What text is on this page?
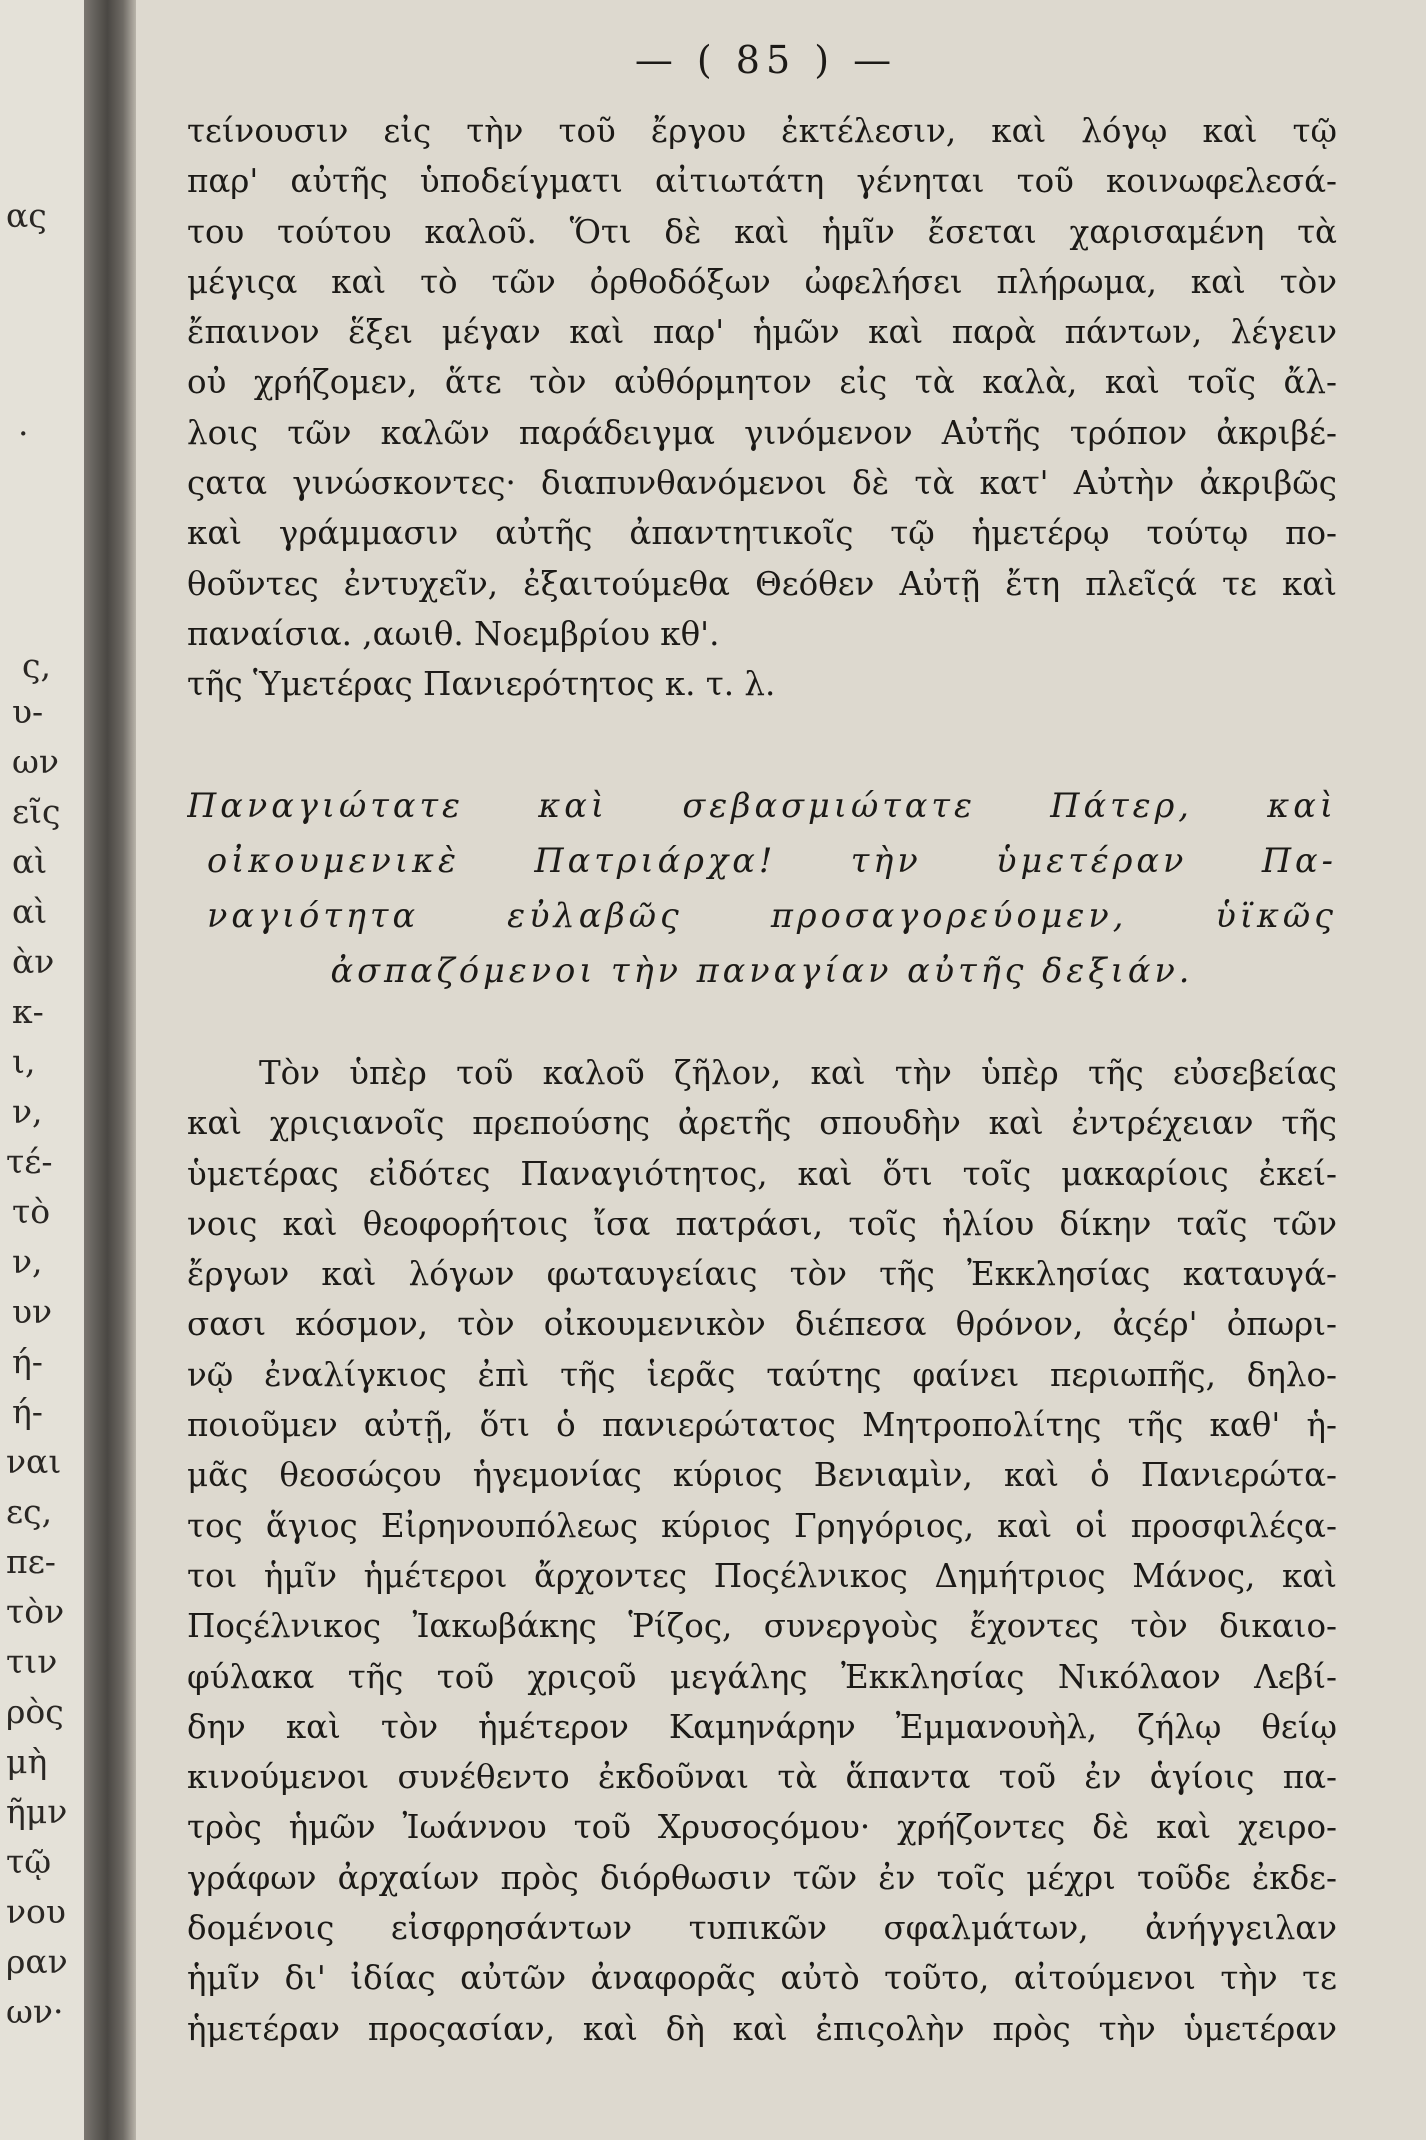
ας
.
ς,
υ-
ων
εῖς
αὶ
αὶ
ὰν
κ-
ι,
ν,
τέ-
τὸ
ν,
υν
ή-
ή-
ναι
ες,
πε-
τὸν
τιν
ρὸς
μὴ
ῆμν
τῷ
νου
ραν
ων·
— ( 85 ) —
τείνουσιν εἰς τὴν τοῦ ἔργου ἐκτέλεσιν, καὶ λόγῳ καὶ τῷ
παρ' αὐτῆς ὑποδείγματι αἰτιωτάτη γένηται τοῦ κοινωφελεσά-
του τούτου καλοῦ. Ὅτι δὲ καὶ ἡμῖν ἔσεται χαρισαμένη τὰ
μέγιςα καὶ τὸ τῶν ὀρθοδόξων ὠφελήσει πλήρωμα, καὶ τὸν
ἔπαινον ἕξει μέγαν καὶ παρ' ἡμῶν καὶ παρὰ πάντων, λέγειν
οὐ χρήζομεν, ἅτε τὸν αὐθόρμητον εἰς τὰ καλὰ, καὶ τοῖς ἄλ-
λοις τῶν καλῶν παράδειγμα γινόμενον Αὐτῆς τρόπον ἀκριβέ-
ςατα γινώσκοντες· διαπυνθανόμενοι δὲ τὰ κατ' Αὐτὴν ἀκριβῶς
καὶ γράμμασιν αὐτῆς ἀπαντητικοῖς τῷ ἡμετέρῳ τούτῳ πο-
θοῦντες ἐντυχεῖν, ἐξαιτούμεθα Θεόθεν Αὐτῇ ἔτη πλεῖςά τε καὶ
παναίσια. ,αωιθ. Νοεμβρίου κθ'.
τῆς Ὑμετέρας Πανιερότητος κ. τ. λ.
Παναγιώτατε καὶ σεβασμιώτατε Πάτερ, καὶ
οἰκουμενικὲ Πατριάρχα! τὴν ὑμετέραν Πα-
ναγιότητα εὐλαβῶς προσαγορεύομεν, ὑϊκῶς
ἀσπαζόμενοι τὴν παναγίαν αὐτῆς δεξιάν.
Τὸν ὑπὲρ τοῦ καλοῦ ζῆλον, καὶ τὴν ὑπὲρ τῆς εὐσεβείας
καὶ χριςιανοῖς πρεπούσης ἀρετῆς σπουδὴν καὶ ἐντρέχειαν τῆς
ὑμετέρας εἰδότες Παναγιότητος, καὶ ὅτι τοῖς μακαρίοις ἐκεί-
νοις καὶ θεοφορήτοις ἴσα πατράσι, τοῖς ἡλίου δίκην ταῖς τῶν
ἔργων καὶ λόγων φωταυγείαις τὸν τῆς Ἐκκλησίας καταυγά-
σασι κόσμον, τὸν οἰκουμενικὸν διέπεσα θρόνον, ἀςέρ' ὀπωρι-
νῷ ἐναλίγκιος ἐπὶ τῆς ἱερᾶς ταύτης φαίνει περιωπῆς, δηλο-
ποιοῦμεν αὐτῇ, ὅτι ὁ πανιερώτατος Μητροπολίτης τῆς καθ' ἡ-
μᾶς θεοσώςου ἡγεμονίας κύριος Βενιαμὶν, καὶ ὁ Πανιερώτα-
τος ἅγιος Εἰρηνουπόλεως κύριος Γρηγόριος, καὶ οἱ προσφιλέςα-
τοι ἡμῖν ἡμέτεροι ἄρχοντες Ποςέλνικος Δημήτριος Μάνος, καὶ
Ποςέλνικος Ἰακωβάκης Ῥίζος, συνεργοὺς ἔχοντες τὸν δικαιο-
φύλακα τῆς τοῦ χριςοῦ μεγάλης Ἐκκλησίας Νικόλαον Λεβί-
δην καὶ τὸν ἡμέτερον Καμηνάρην Ἐμμανουὴλ, ζήλῳ θείῳ
κινούμενοι συνέθεντο ἐκδοῦναι τὰ ἅπαντα τοῦ ἐν ἁγίοις πα-
τρὸς ἡμῶν Ἰωάννου τοῦ Χρυσοςόμου· χρήζοντες δὲ καὶ χειρο-
γράφων ἀρχαίων πρὸς διόρθωσιν τῶν ἐν τοῖς μέχρι τοῦδε ἐκδε-
δομένοις εἰσφρησάντων τυπικῶν σφαλμάτων, ἀνήγγειλαν
ἡμῖν δι' ἰδίας αὐτῶν ἀναφορᾶς αὐτὸ τοῦτο, αἰτούμενοι τὴν τε
ἡμετέραν προςασίαν, καὶ δὴ καὶ ἐπιςολὴν πρὸς τὴν ὑμετέραν
